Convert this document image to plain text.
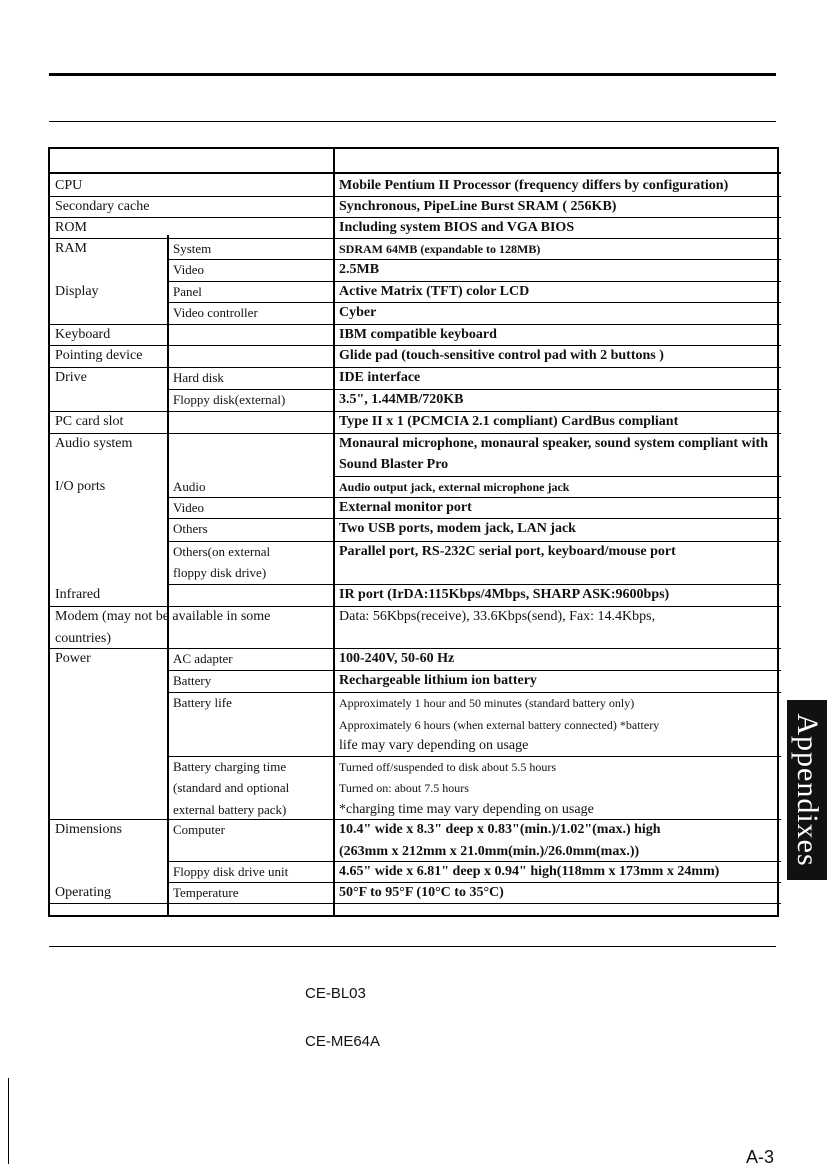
CPU	Mobile Pentium II Processor (frequency differs by configuration)
Secondary cache	Synchronous, PipeLine Burst SRAM ( 256KB)
ROM	Including system BIOS and VGA BIOS
RAM	System	SDRAM 64MB (expandable to 128MB)
Video	2.5MB
Display	Panel	Active Matrix (TFT) color LCD
Video controller	Cyber
Keyboard	IBM compatible keyboard
Pointing device	Glide pad (touch-sensitive control pad with 2 buttons )
Drive	Hard disk	IDE interface
Floppy disk(external)	3.5", 1.44MB/720KB
PC card slot	Type II x 1 (PCMCIA 2.1 compliant) CardBus compliant
Audio system	Monaural microphone, monaural speaker, sound system compliant with
Sound Blaster Pro
I/O ports	Audio	Audio output jack, external microphone jack
Video	External monitor port
Others	Two USB ports, modem jack, LAN jack
Others(on external	Parallel port, RS-232C serial port, keyboard/mouse port
floppy disk drive)
Infrared	IR port (IrDA:115Kbps/4Mbps, SHARP ASK:9600bps)
Modem (may not be available in some	Data: 56Kbps(receive), 33.6Kbps(send), Fax: 14.4Kbps,
countries)
Power	AC adapter	100-240V, 50-60 Hz
Battery	Rechargeable lithium ion battery
Battery life	Approximately 1 hour and 50 minutes (standard battery only)
Approximately 6 hours (when external battery connected) *battery
life may vary depending on usage
Battery charging time	Turned off/suspended to disk about 5.5 hours
(standard and optional	Turned on: about 7.5 hours
external battery pack)	*charging time may vary depending on usage
Dimensions	Computer	10.4" wide x 8.3" deep x 0.83"(min.)/1.02"(max.) high
(263mm x 212mm x 21.0mm(min.)/26.0mm(max.))
Floppy disk drive unit	4.65" wide x 6.81" deep x 0.94" high(118mm x 173mm x 24mm)
Operating	Temperature	50°F to 95°F (10°C to 35°C)
Appendixes
CE-BL03
CE-ME64A
A-3
